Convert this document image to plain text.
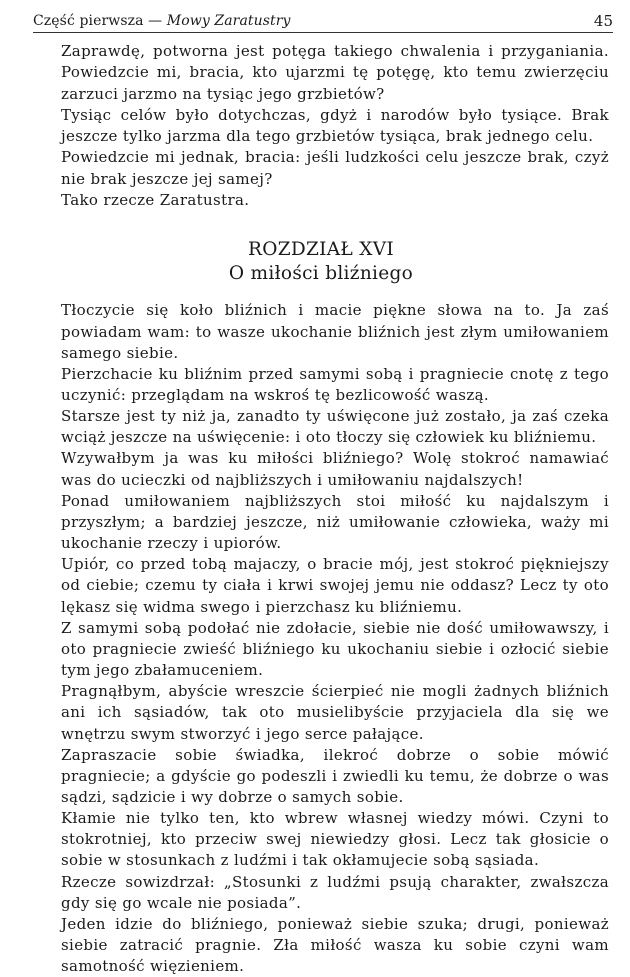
Część pierwsza — Mowy Zaratustry	45

Zaprawdę, potworna jest potęga takiego chwalenia i przyganiania. Powiedzcie mi, bracia, kto ujarzmi tę potęgę, kto temu zwierzęciu zarzuci jarzmo na tysiąc jego grzbietów?

Tysiąc celów było dotychczas, gdyż i narodów było tysiące. Brak jeszcze tylko jarzma dla tego grzbietów tysiąca, brak jednego celu.

Powiedzcie mi jednak, bracia: jeśli ludzkości celu jeszcze brak, czyż nie brak jeszcze jej samej?

Tako rzecze Zaratustra.

ROZDZIAŁ XVI
O miłości bliźniego

Tłoczycie się koło bliźnich i macie piękne słowa na to. Ja zaś powiadam wam: to wasze ukochanie bliźnich jest złym umiłowaniem samego siebie.

Pierzchacie ku bliźnim przed samymi sobą i pragniecie cnotę z tego uczynić: przeglądam na wskroś tę bezlicowość waszą.

Starsze jest ty niż ja, zanadto ty uświęcone już zostało, ja zaś czeka wciąż jeszcze na uświęcenie: i oto tłoczy się człowiek ku bliźniemu.

Wzywałbym ja was ku miłości bliźniego? Wolę stokroć namawiać was do ucieczki od najbliższych i umiłowaniu najdalszych!

Ponad umiłowaniem najbliższych stoi miłość ku najdalszym i przyszłym; a bardziej jeszcze, niż umiłowanie człowieka, waży mi ukochanie rzeczy i upiorów.

Upiór, co przed tobą majaczy, o bracie mój, jest stokroć piękniejszy od ciebie; czemu ty ciała i krwi swojej jemu nie oddasz? Lecz ty oto lękasz się widma swego i pierzchasz ku bliźniemu.

Z samymi sobą podołać nie zdołacie, siebie nie dość umiłowawszy, i oto pragniecie zwieść bliźniego ku ukochaniu siebie i ozłocić siebie tym jego zbałamuceniem.

Pragnąłbym, abyście wreszcie ścierpieć nie mogli żadnych bliźnich ani ich sąsiadów, tak oto musielibyście przyjaciela dla się we wnętrzu swym stworzyć i jego serce pałające.

Zapraszacie sobie świadka, ilekroć dobrze o sobie mówić pragniecie; a gdyście go podeszli i zwiedli ku temu, że dobrze o was sądzi, sądzicie i wy dobrze o samych sobie.

Kłamie nie tylko ten, kto wbrew własnej wiedzy mówi. Czyni to stokrotniej, kto przeciw swej niewiedzy głosi. Lecz tak głosicie o sobie w stosunkach z ludźmi i tak okłamujecie sobą sąsiada.

Rzecze sowizdrzał: „Stosunki z ludźmi psują charakter, zwałszcza gdy się go wcale nie posiada”.

Jeden idzie do bliźniego, ponieważ siebie szuka; drugi, ponieważ siebie zatracić pragnie. Zła miłość wasza ku sobie czyni wam samotność więzieniem.
